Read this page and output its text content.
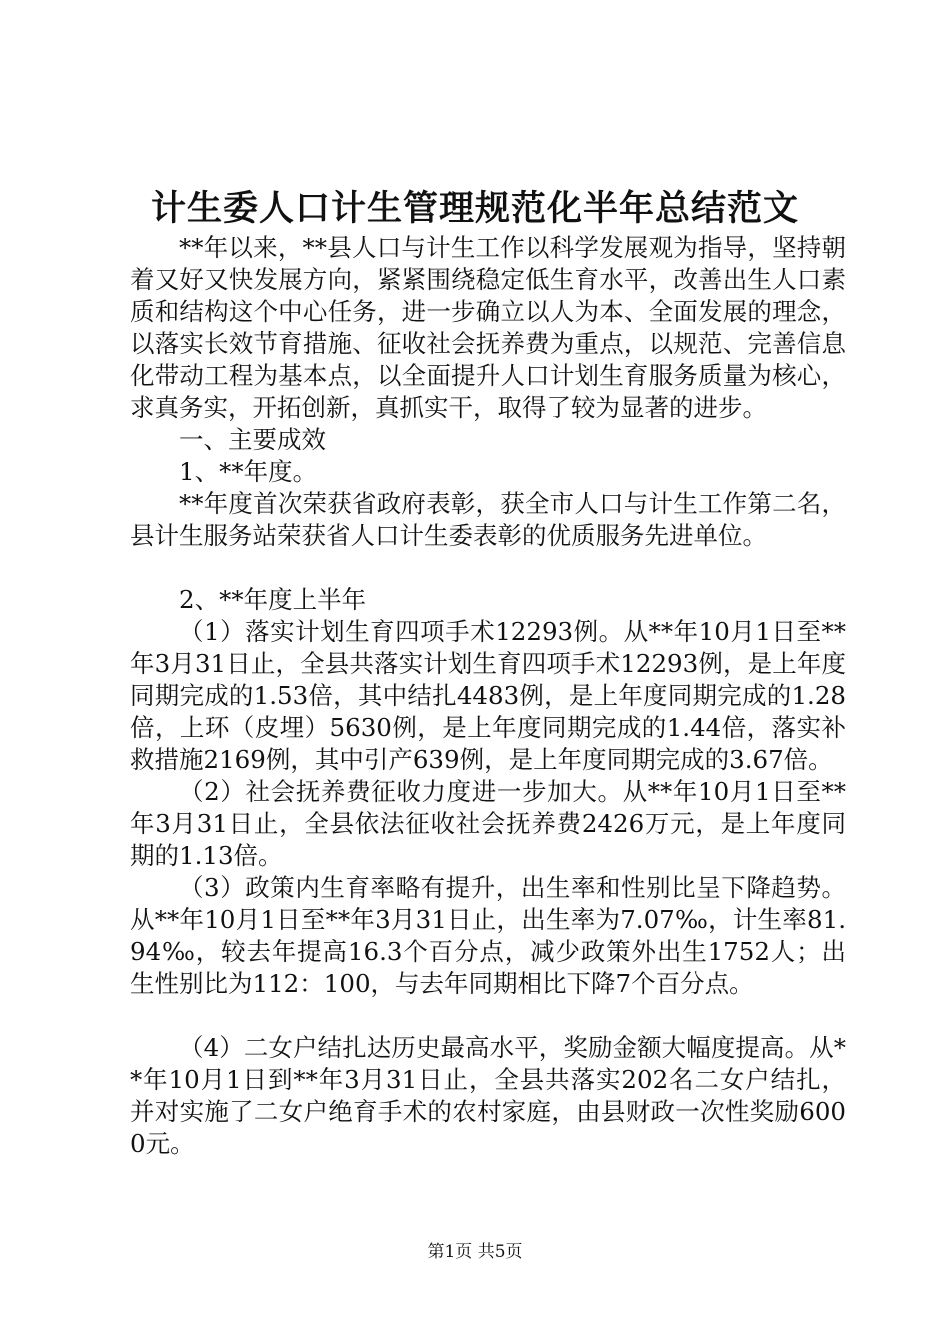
计生委人口计生管理规范化半年总结范文

**年以来，**县人口与计生工作以科学发展观为指导，坚持朝着又好又快发展方向，紧紧围绕稳定低生育水平，改善出生人口素质和结构这个中心任务，进一步确立以人为本、全面发展的理念，以落实长效节育措施、征收社会抚养费为重点，以规范、完善信息化带动工程为基本点，以全面提升人口计划生育服务质量为核心，求真务实，开拓创新，真抓实干，取得了较为显著的进步。

一、主要成效

1、**年度。

**年度首次荣获省政府表彰，获全市人口与计生工作第二名，县计生服务站荣获省人口计生委表彰的优质服务先进单位。

2、**年度上半年

（1）落实计划生育四项手术12293例。从**年10月1日至**年3月31日止，全县共落实计划生育四项手术12293例，是上年度同期完成的1.53倍，其中结扎4483例，是上年度同期完成的1.28倍，上环（皮埋）5630例，是上年度同期完成的1.44倍，落实补救措施2169例，其中引产639例，是上年度同期完成的3.67倍。

（2）社会抚养费征收力度进一步加大。从**年10月1日至**年3月31日止，全县依法征收社会抚养费2426万元，是上年度同期的1.13倍。

（3）政策内生育率略有提升，出生率和性别比呈下降趋势。从**年10月1日至**年3月31日止，出生率为7.07‰，计生率81.94‰，较去年提高16.3个百分点，减少政策外出生1752人；出生性别比为112：100，与去年同期相比下降7个百分点。

（4）二女户结扎达历史最高水平，奖励金额大幅度提高。从**年10月1日到**年3月31日止，全县共落实202名二女户结扎，并对实施了二女户绝育手术的农村家庭，由县财政一次性奖励6000元。

第1页 共5页
